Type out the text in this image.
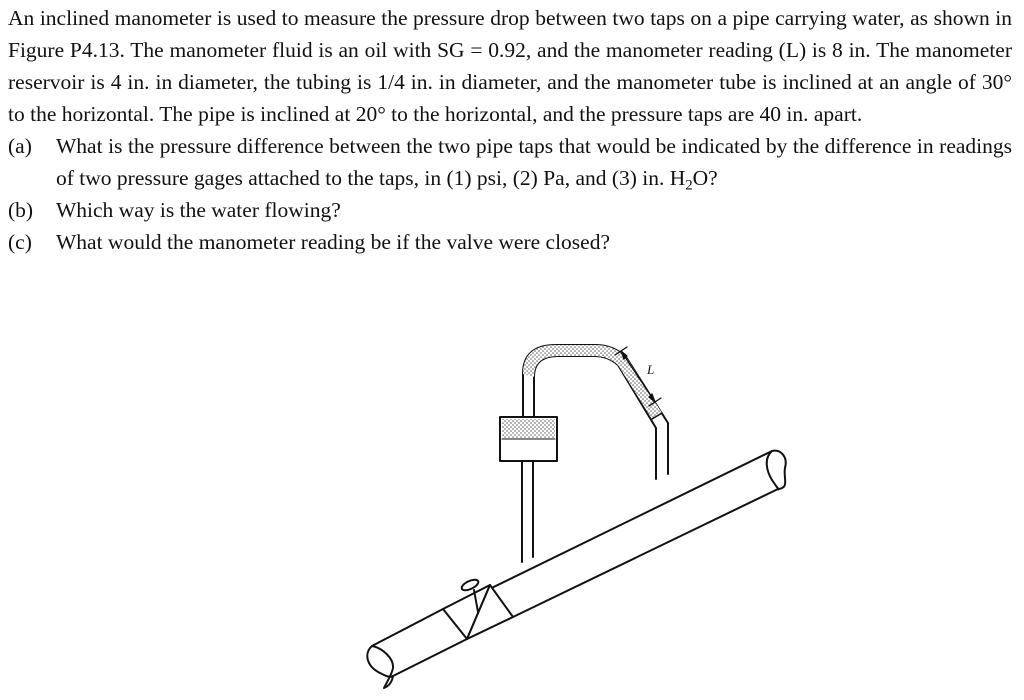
An inclined manometer is used to measure the pressure drop between two taps on a pipe carrying water, as shown in Figure P4.13. The manometer fluid is an oil with SG = 0.92, and the manometer reading (L) is 8 in. The manometer reservoir is 4 in. in diameter, the tubing is 1/4 in. in diameter, and the manometer tube is inclined at an angle of 30° to the horizontal. The pipe is inclined at 20° to the horizontal, and the pressure taps are 40 in. apart.
(a) What is the pressure difference between the two pipe taps that would be indicated by the difference in readings of two pressure gages attached to the taps, in (1) psi, (2) Pa, and (3) in. $H_2O$?
(b) Which way is the water flowing?
(c) What would the manometer reading be if the valve were closed?
L
